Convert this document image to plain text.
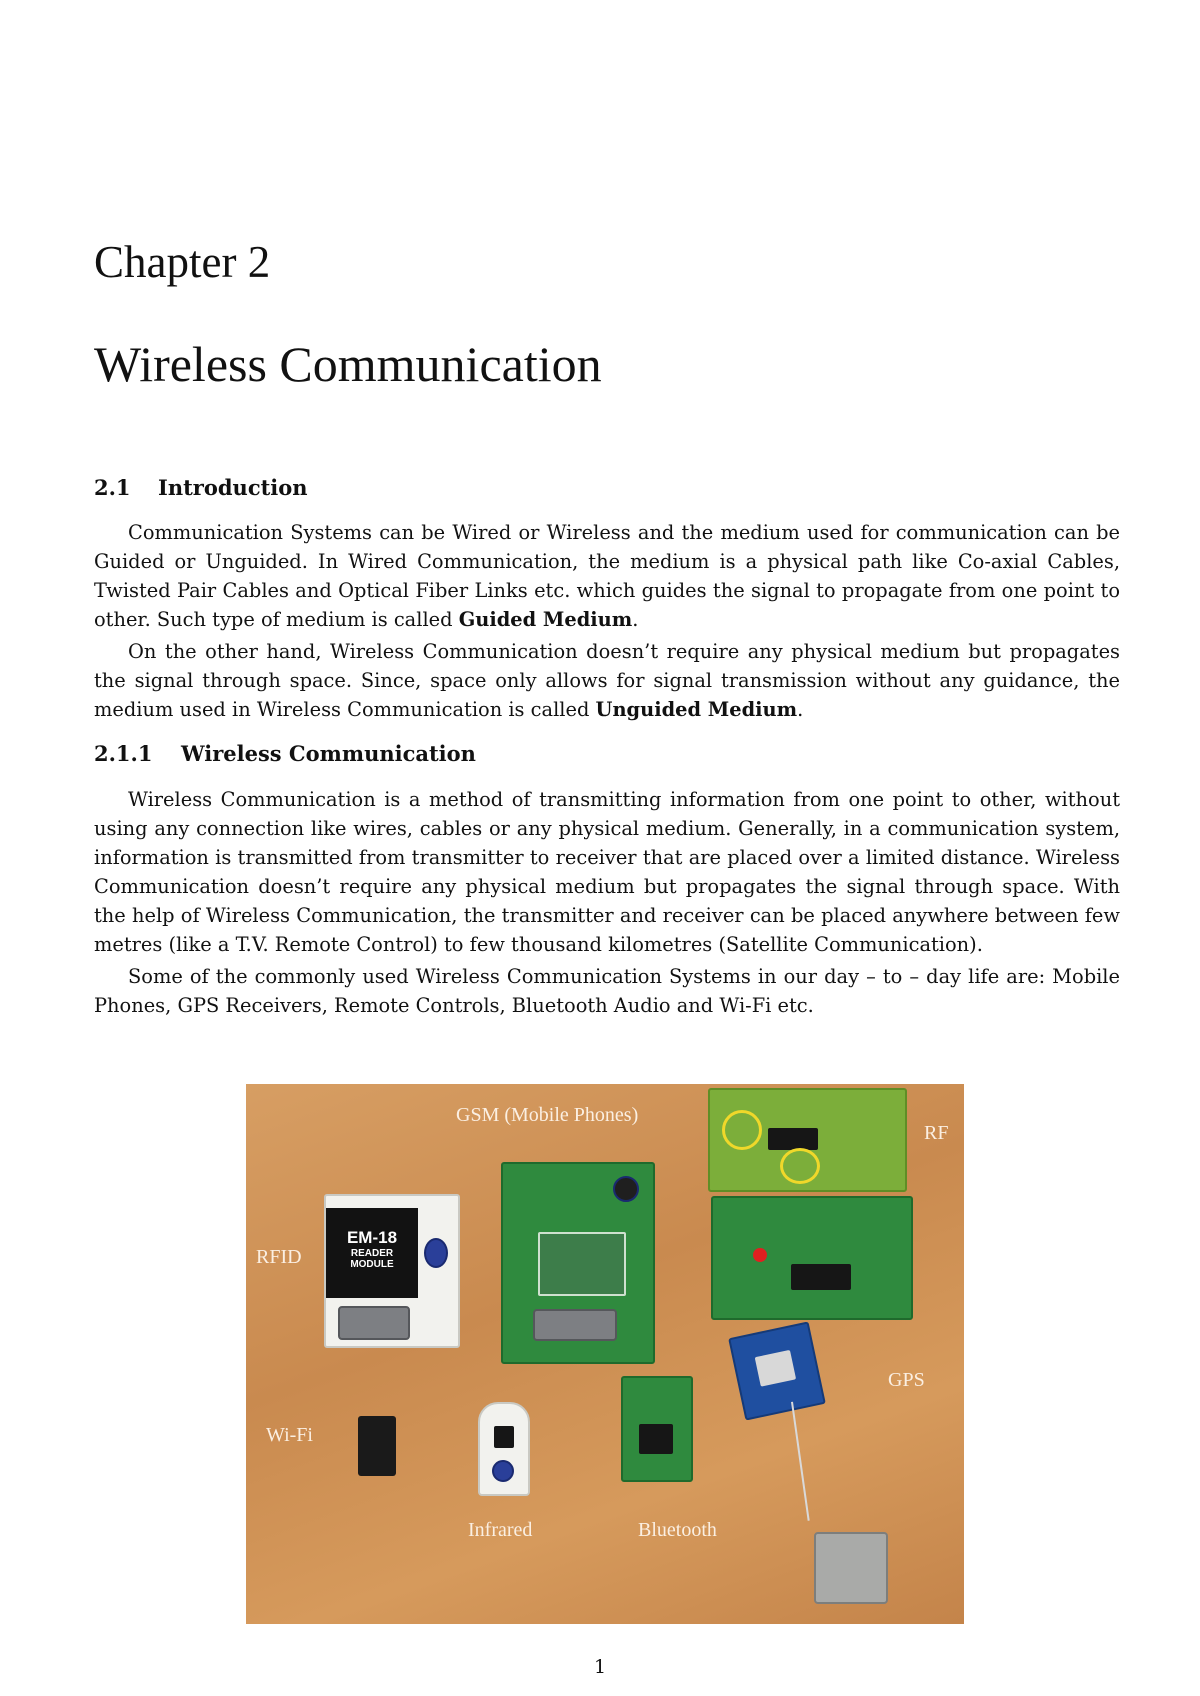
Chapter 2
Wireless Communication
2.1 Introduction

Communication Systems can be Wired or Wireless and the medium used for communication can be Guided or Unguided. In Wired Communication, the medium is a physical path like Co-axial Cables, Twisted Pair Cables and Optical Fiber Links etc. which guides the signal to propagate from one point to other. Such type of medium is called Guided Medium.

On the other hand, Wireless Communication doesn’t require any physical medium but propagates the signal through space. Since, space only allows for signal transmission without any guidance, the medium used in Wireless Communication is called Unguided Medium.

2.1.1 Wireless Communication

Wireless Communication is a method of transmitting information from one point to other, without using any connection like wires, cables or any physical medium. Generally, in a communication system, information is transmitted from transmitter to receiver that are placed over a limited distance. Wireless Communication doesn’t require any physical medium but propagates the signal through space. With the help of Wireless Communication, the transmitter and receiver can be placed anywhere between few metres (like a T.V. Remote Control) to few thousand kilometres (Satellite Communication).

Some of the commonly used Wireless Communication Systems in our day – to – day life are: Mobile Phones, GPS Receivers, Remote Controls, Bluetooth Audio and Wi-Fi etc.

EM-18
READER
MODULE
GSM (Mobile Phones)
RF
RFID
GPS
Wi-Fi
Infrared	Bluetooth
1
